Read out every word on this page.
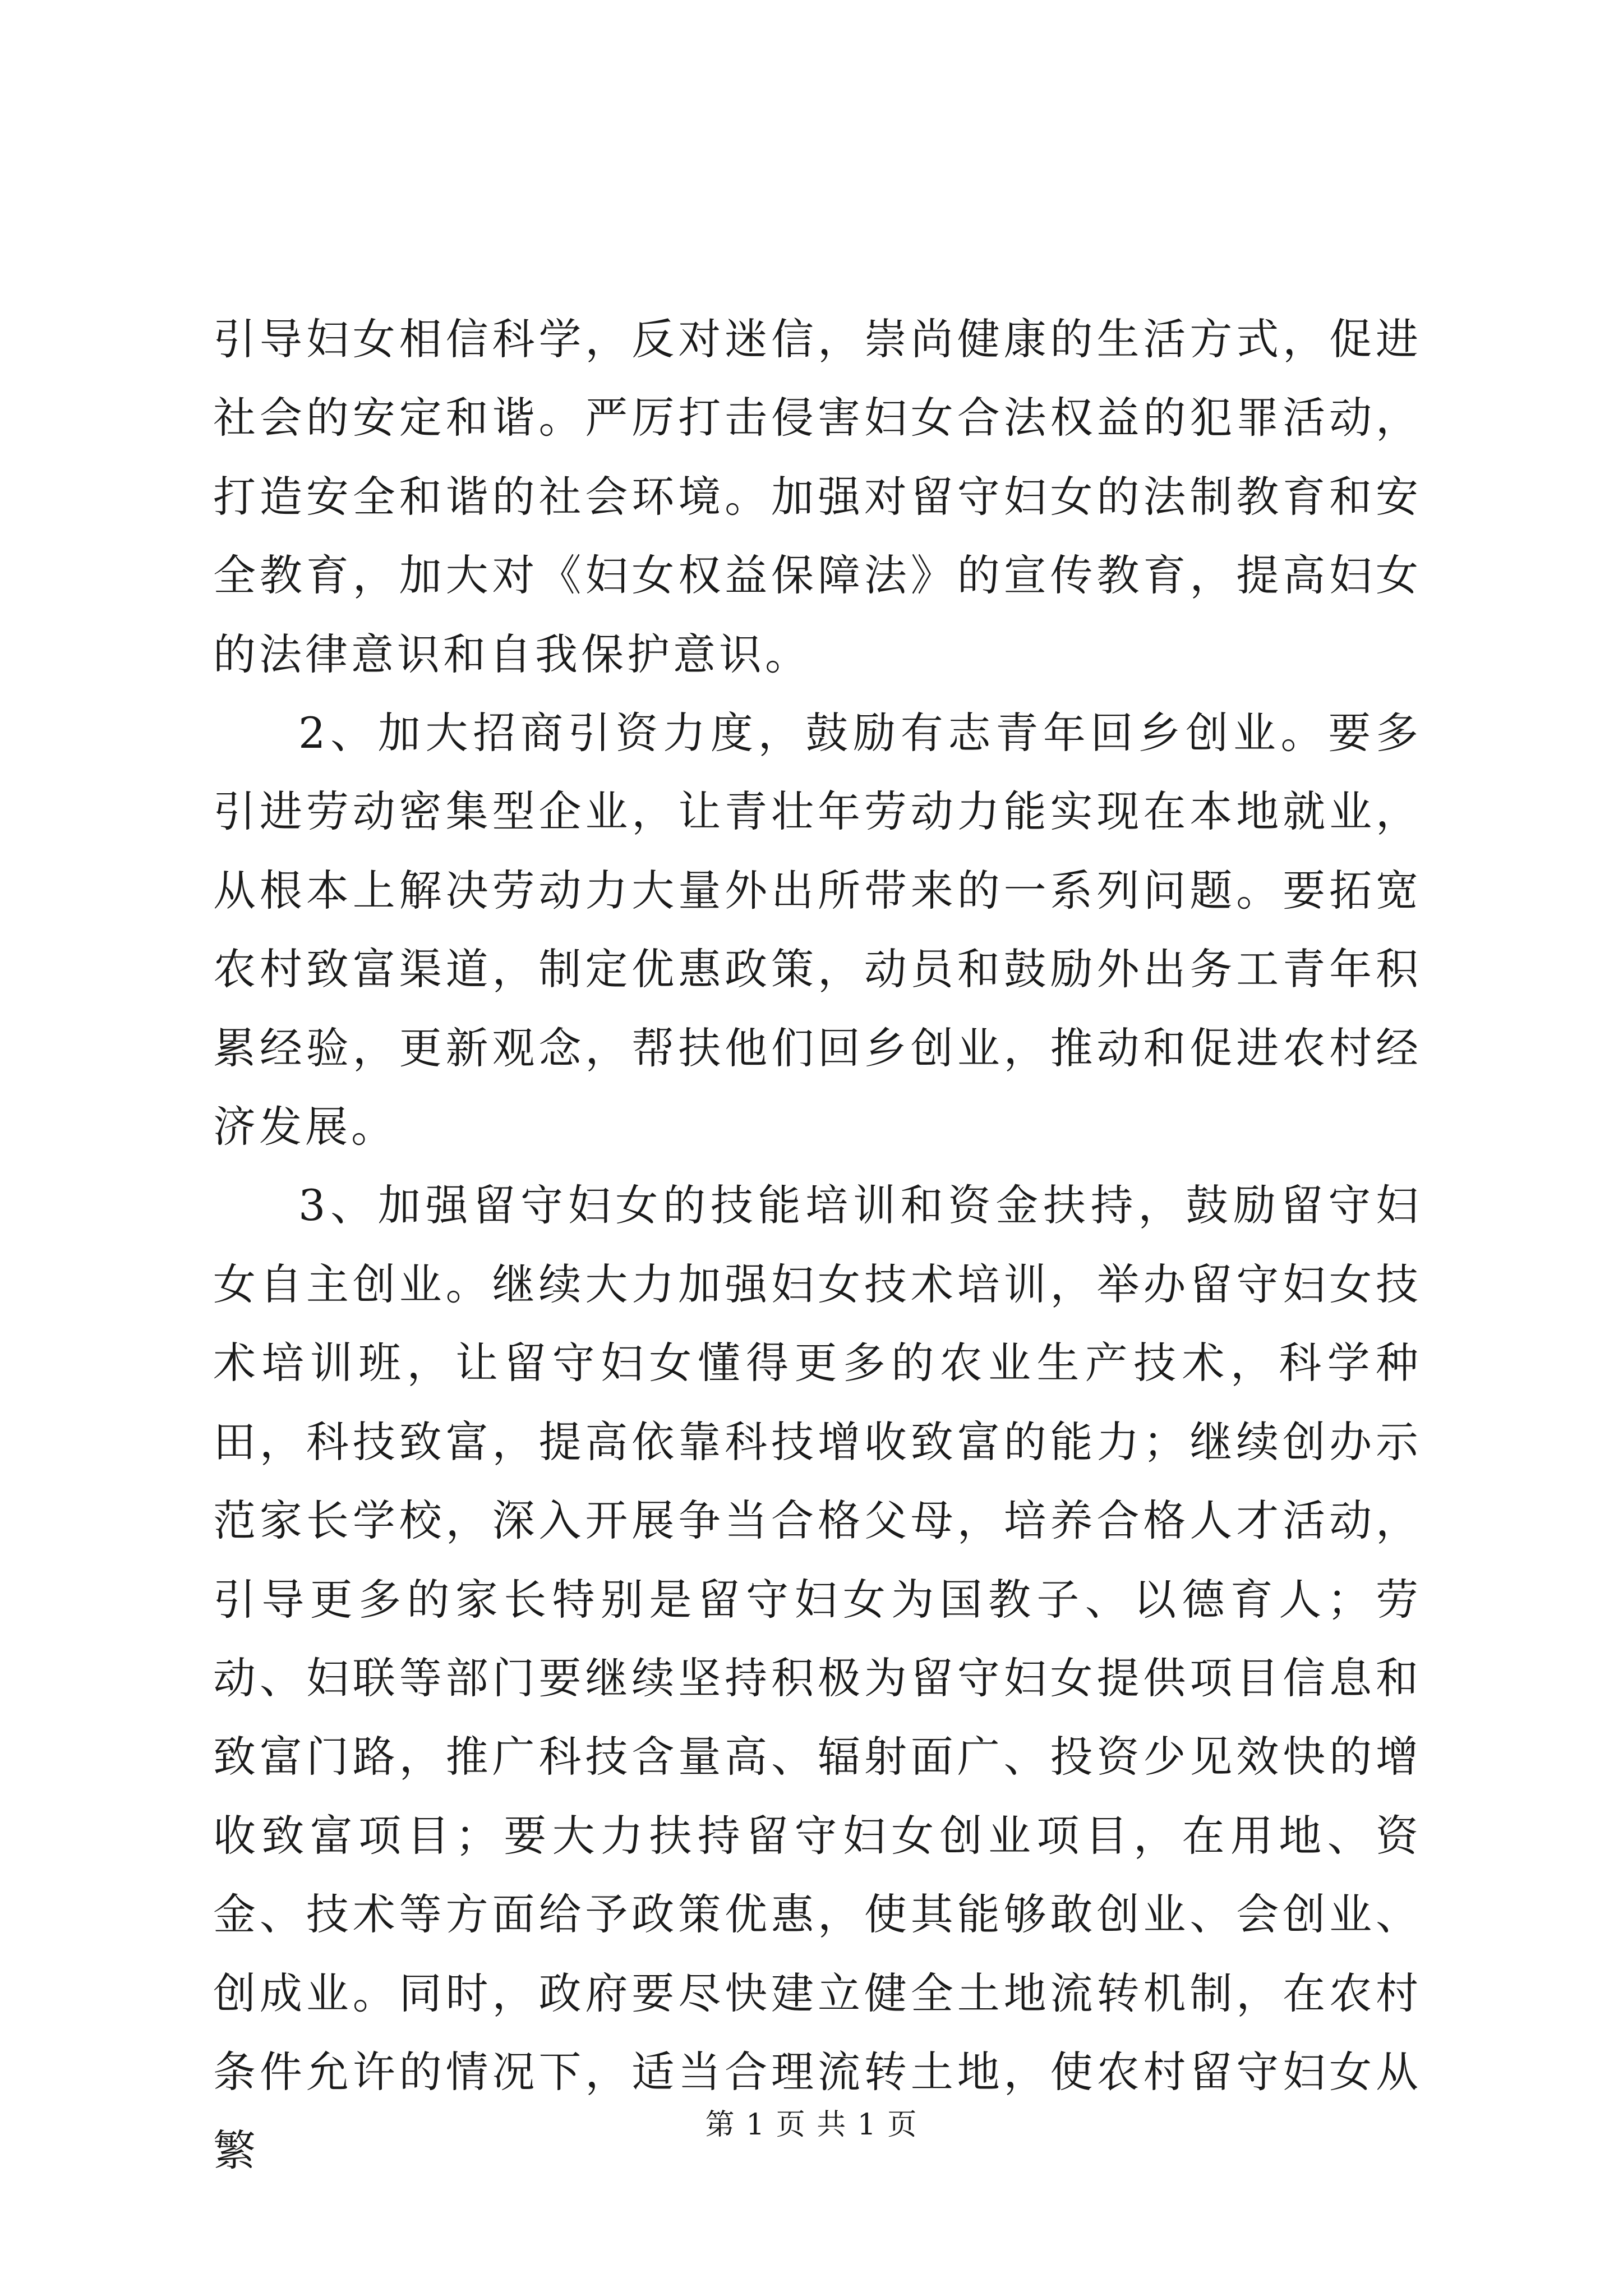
引导妇女相信科学，反对迷信，崇尚健康的生活方式，促进社会的安定和谐。严厉打击侵害妇女合法权益的犯罪活动，打造安全和谐的社会环境。加强对留守妇女的法制教育和安全教育，加大对《妇女权益保障法》的宣传教育，提高妇女的法律意识和自我保护意识。

2、加大招商引资力度，鼓励有志青年回乡创业。要多引进劳动密集型企业，让青壮年劳动力能实现在本地就业，从根本上解决劳动力大量外出所带来的一系列问题。要拓宽农村致富渠道，制定优惠政策，动员和鼓励外出务工青年积累经验，更新观念，帮扶他们回乡创业，推动和促进农村经济发展。

3、加强留守妇女的技能培训和资金扶持，鼓励留守妇女自主创业。继续大力加强妇女技术培训，举办留守妇女技术培训班，让留守妇女懂得更多的农业生产技术，科学种田，科技致富，提高依靠科技增收致富的能力；继续创办示范家长学校，深入开展争当合格父母，培养合格人才活动，引导更多的家长特别是留守妇女为国教子、以德育人；劳动、妇联等部门要继续坚持积极为留守妇女提供项目信息和致富门路，推广科技含量高、辐射面广、投资少见效快的增收致富项目；要大力扶持留守妇女创业项目，在用地、资金、技术等方面给予政策优惠，使其能够敢创业、会创业、创成业。同时，政府要尽快建立健全土地流转机制，在农村条件允许的情况下，适当合理流转土地，使农村留守妇女从繁

第 1 页 共 1 页
